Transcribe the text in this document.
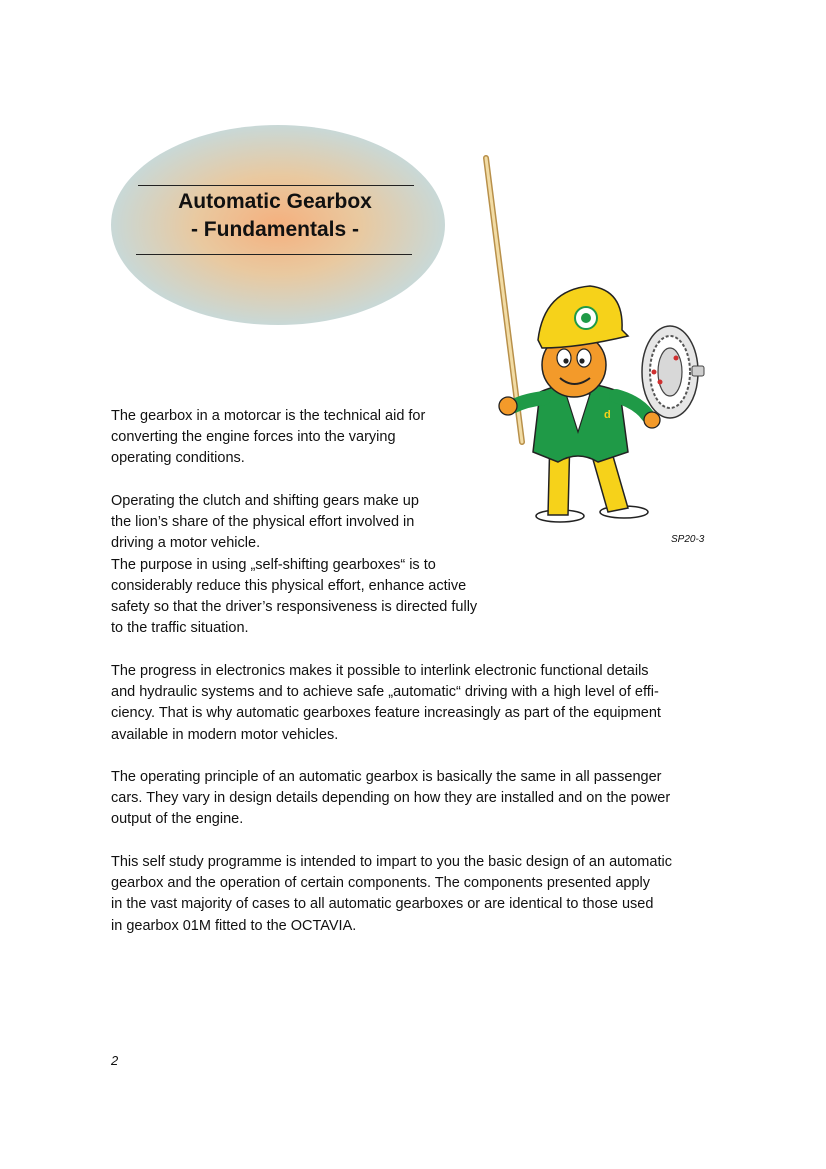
Automatic Gearbox
- Fundamentals -

The gearbox in a motorcar is the technical aid for
converting the engine forces into the varying
operating conditions.

Operating the clutch and shifting gears make up
the lion’s share of the physical effort involved in
driving a motor vehicle.
The purpose in using „self-shifting gearboxes“ is to
considerably reduce this physical effort, enhance active
safety so that the driver’s responsiveness is directed fully
to the traffic situation.

The progress in electronics makes it possible to interlink electronic functional details
and hydraulic systems and to achieve safe „automatic“ driving with a high level of effi-
ciency. That is why automatic gearboxes feature increasingly as part of the equipment
available in modern motor vehicles.

The operating principle of an automatic gearbox is basically the same in all passenger
cars. They vary in design details depending on how they are installed and on the power
output of the engine.

This self study programme is intended to impart to you the basic design of an automatic
gearbox and the operation of certain components. The components presented apply
in the vast majority of cases to all automatic gearboxes or are identical to those used
in gearbox 01M fitted to the OCTAVIA.

d
SP20-3
2
